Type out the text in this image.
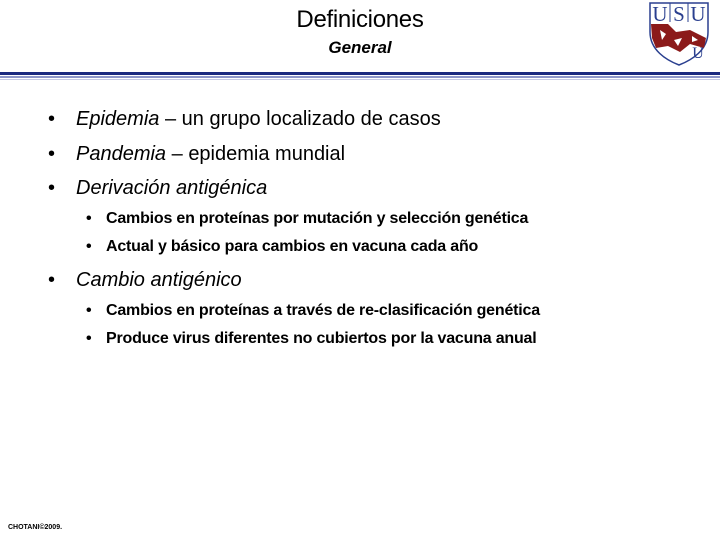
Definiciones
General
U S U
U
• Epidemia – un grupo localizado de casos
• Pandemia – epidemia mundial
• Derivación antigénica
• Cambios en proteínas por mutación y selección genética
• Actual y básico para cambios en vacuna cada año
• Cambio antigénico
• Cambios en proteínas a través de re-clasificación genética
• Produce virus diferentes no cubiertos por la vacuna anual
CHOTANI©2009.
